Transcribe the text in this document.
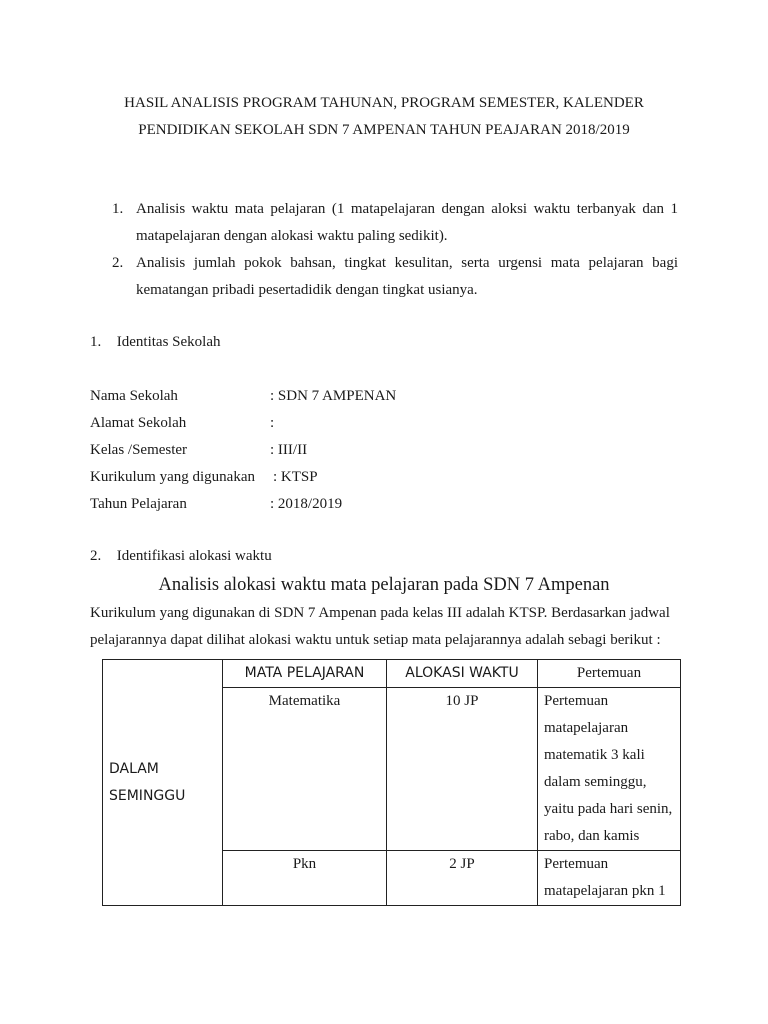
HASIL ANALISIS PROGRAM TAHUNAN, PROGRAM SEMESTER, KALENDER
PENDIDIKAN SEKOLAH SDN 7 AMPENAN TAHUN PEAJARAN 2018/2019
1. Analisis waktu mata pelajaran (1 matapelajaran dengan aloksi waktu terbanyak dan 1 matapelajaran dengan alokasi waktu paling sedikit).
2. Analisis jumlah pokok bahsan, tingkat kesulitan, serta urgensi mata pelajaran bagi kematangan pribadi pesertadidik dengan tingkat usianya.
1. Identitas Sekolah
Nama Sekolah	: SDN 7 AMPENAN
Alamat Sekolah	:
Kelas /Semester	: III/II
Kurikulum yang digunakan : KTSP
Tahun Pelajaran	: 2018/2019
2. Identifikasi alokasi waktu
Analisis alokasi waktu mata pelajaran pada SDN 7 Ampenan
Kurikulum yang digunakan di SDN 7 Ampenan pada kelas III adalah KTSP. Berdasarkan jadwal pelajarannya dapat dilihat alokasi waktu untuk setiap mata pelajarannya adalah sebagi berikut :
DALAM SEMINGGU	MATA PELAJARAN	ALOKASI WAKTU	Pertemuan
	Matematika	10 JP	Pertemuan matapelajaran matematik 3 kali dalam seminggu, yaitu pada hari senin, rabo, dan kamis
	Pkn	2 JP	Pertemuan matapelajaran pkn 1
